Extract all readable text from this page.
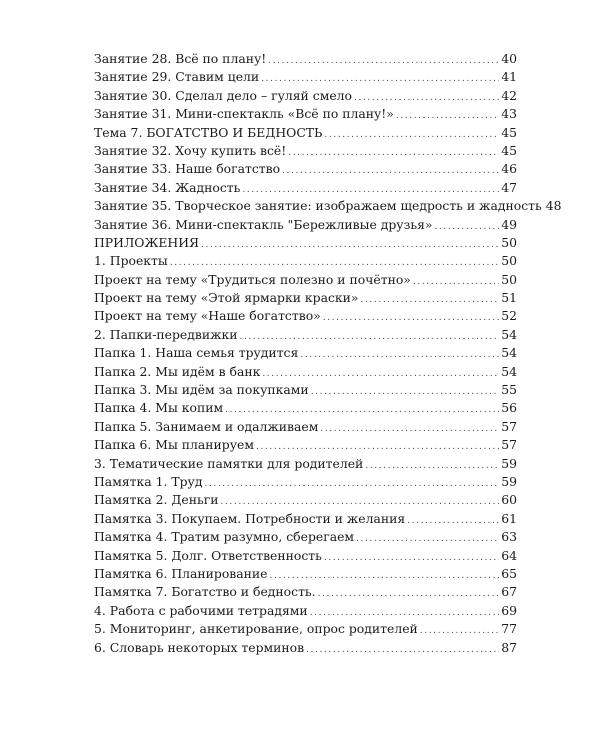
Занятие 28. Всё по плану! .....	40
Занятие 29. Ставим цели .....	41
Занятие 30. Сделал дело – гуляй смело .....	42
Занятие 31. Мини-спектакль «Всё по плану!» .....	43
Тема 7. БОГАТСТВО И БЕДНОСТЬ .....	45
Занятие 32. Хочу купить всё! .....	45
Занятие 33. Наше богатство .....	46
Занятие 34. Жадность .....	47
Занятие 35. Творческое занятие: изображаем щедрость и жадность 48
Занятие 36. Мини-спектакль "Бережливые друзья» .....	49
ПРИЛОЖЕНИЯ .....	50
1. Проекты .....	50
Проект на тему «Трудиться полезно и почётно» .....	50
Проект на тему «Этой ярмарки краски» .....	51
Проект на тему «Наше богатство» .....	52
2. Папки-передвижки .....	54
Папка 1. Наша семья трудится .....	54
Папка 2. Мы идём в банк .....	54
Папка 3. Мы идём за покупками .....	55
Папка 4. Мы копим .....	56
Папка 5. Занимаем и одалживаем .....	57
Папка 6. Мы планируем .....	57
3. Тематические памятки для родителей .....	59
Памятка 1. Труд .....	59
Памятка 2. Деньги .....	60
Памятка 3. Покупаем. Потребности и желания .....	61
Памятка 4. Тратим разумно, сберегаем .....	63
Памятка 5. Долг. Ответственность .....	64
Памятка 6. Планирование .....	65
Памятка 7. Богатство и бедность. .....	67
4. Работа с рабочими тетрадями .....	69
5. Мониторинг, анкетирование, опрос родителей .....	77
6. Словарь некоторых терминов .....	87
